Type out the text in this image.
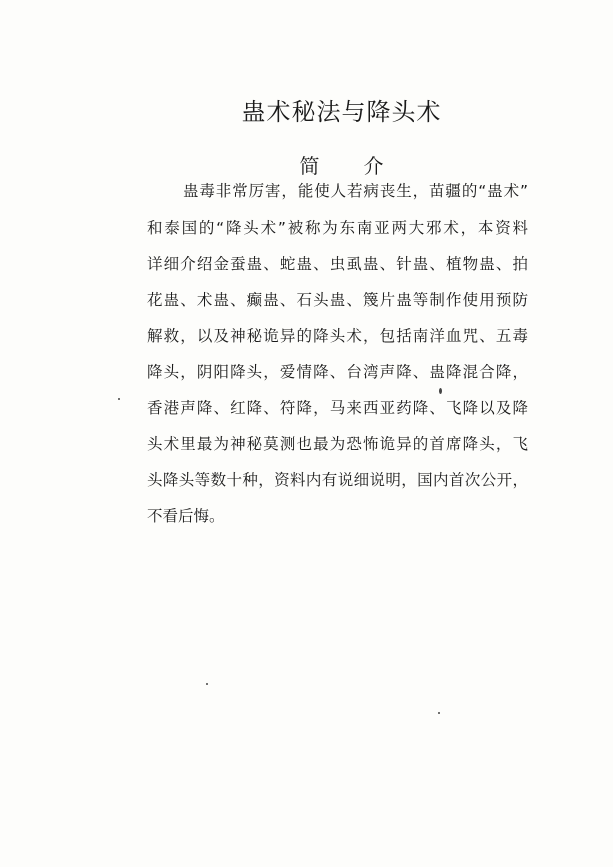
蛊术秘法与降头术
简 介
蛊毒非常厉害，能使人若病丧生，苗疆的“蛊术”
和泰国的“降头术”被称为东南亚两大邪术，本资料
详细介绍金蚕蛊、蛇蛊、虫虱蛊、针蛊、植物蛊、拍
花蛊、术蛊、癫蛊、石头蛊、篾片蛊等制作使用预防
解救，以及神秘诡异的降头术，包括南洋血咒、五毒
降头，阴阳降头，爱情降、台湾声降、蛊降混合降，
香港声降、红降、符降，马来西亚药降、飞降以及降
头术里最为神秘莫测也最为恐怖诡异的首席降头，飞
头降头等数十种，资料内有说细说明，国内首次公开，
不看后悔。
